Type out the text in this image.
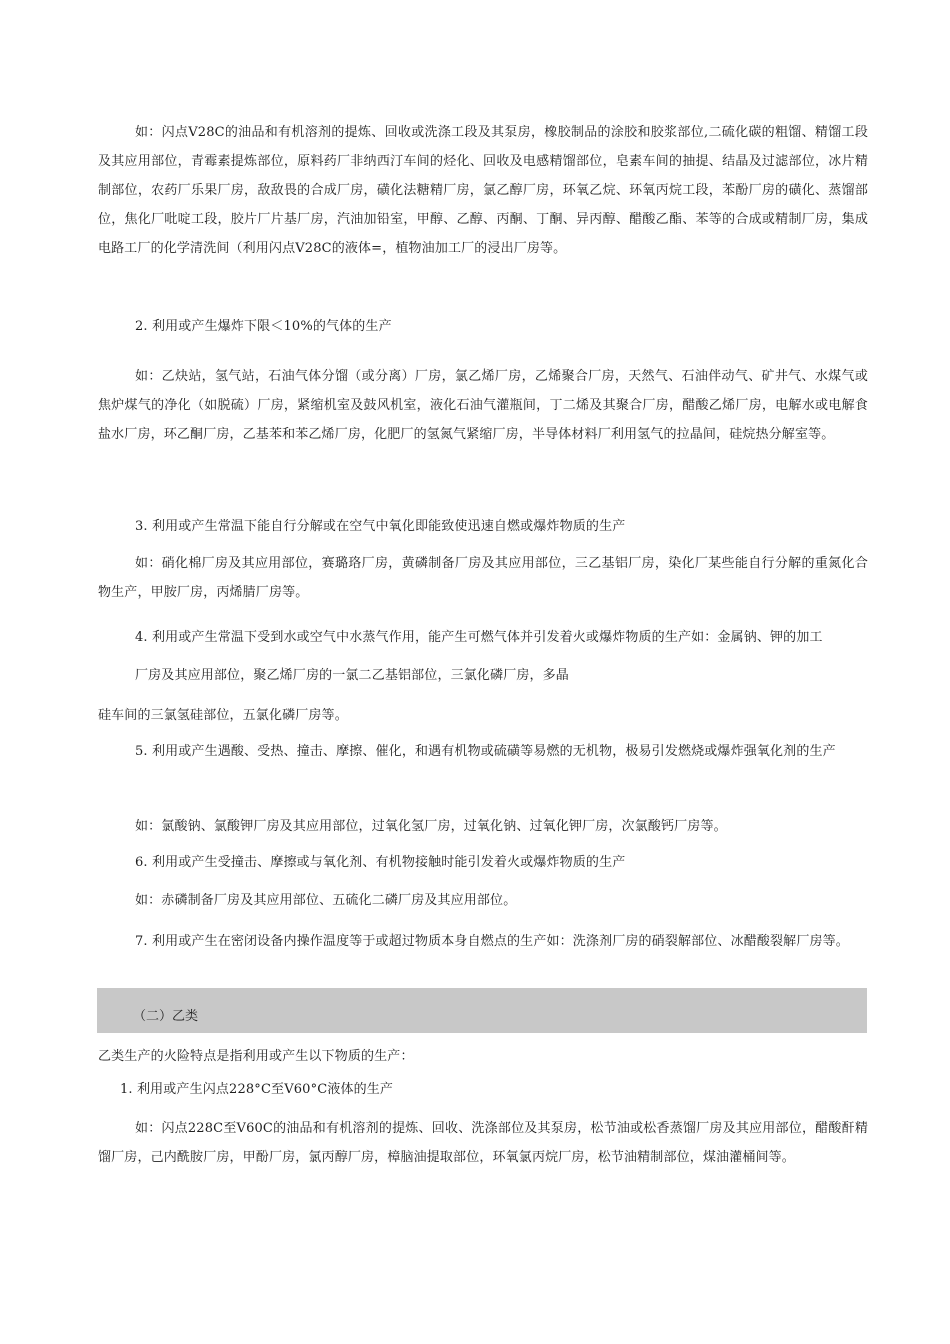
如：闪点V28C的油品和有机溶剂的提炼、回收或洗涤工段及其泵房，橡胶制品的涂胶和胶浆部位,二硫化碳的粗馏、精馏工段及其应用部位，青霉素提炼部位，原料药厂非纳西汀车间的烃化、回收及电感精馏部位，皂素车间的抽提、结晶及过滤部位，冰片精制部位，农药厂乐果厂房，敌敌畏的合成厂房，磺化法糖精厂房，氯乙醇厂房，环氧乙烷、环氧丙烷工段，苯酚厂房的磺化、蒸馏部位，焦化厂吡啶工段，胶片厂片基厂房，汽油加铅室，甲醇、乙醇、丙酮、丁酮、异丙醇、醋酸乙酯、苯等的合成或精制厂房，集成电路工厂的化学清洗间（利用闪点V28C的液体=，植物油加工厂的浸出厂房等。

2. 利用或产生爆炸下限＜10%的气体的生产

如：乙炔站，氢气站，石油气体分馏（或分离）厂房，氯乙烯厂房，乙烯聚合厂房，天然气、石油伴动气、矿井气、水煤气或焦炉煤气的净化（如脱硫）厂房，紧缩机室及鼓风机室，液化石油气灌瓶间，丁二烯及其聚合厂房，醋酸乙烯厂房，电解水或电解食盐水厂房，环乙酮厂房，乙基苯和苯乙烯厂房，化肥厂的氢氮气紧缩厂房，半导体材料厂利用氢气的拉晶间，硅烷热分解室等。

3. 利用或产生常温下能自行分解或在空气中氧化即能致使迅速自燃或爆炸物质的生产

如：硝化棉厂房及其应用部位，赛璐珞厂房，黄磷制备厂房及其应用部位，三乙基铝厂房，染化厂某些能自行分解的重氮化合物生产，甲胺厂房，丙烯腈厂房等。

4. 利用或产生常温下受到水或空气中水蒸气作用，能产生可燃气体并引发着火或爆炸物质的生产如：金属钠、钾的加工

厂房及其应用部位，聚乙烯厂房的一氯二乙基铝部位，三氯化磷厂房，多晶

硅车间的三氯氢硅部位，五氯化磷厂房等。

5. 利用或产生遇酸、受热、撞击、摩擦、催化，和遇有机物或硫磺等易燃的无机物，极易引发燃烧或爆炸强氧化剂的生产

如：氯酸钠、氯酸钾厂房及其应用部位，过氧化氢厂房，过氧化钠、过氧化钾厂房，次氯酸钙厂房等。

6. 利用或产生受撞击、摩擦或与氧化剂、有机物接触时能引发着火或爆炸物质的生产

如：赤磷制备厂房及其应用部位、五硫化二磷厂房及其应用部位。

7. 利用或产生在密闭设备内操作温度等于或超过物质本身自燃点的生产如：洗涤剂厂房的硝裂解部位、冰醋酸裂解厂房等。

（二）乙类

乙类生产的火险特点是指利用或产生以下物质的生产：

1. 利用或产生闪点228°C至V60°C液体的生产

如：闪点228C至V60C的油品和有机溶剂的提炼、回收、洗涤部位及其泵房，松节油或松香蒸馏厂房及其应用部位，醋酸酐精馏厂房，己内酰胺厂房，甲酚厂房，氯丙醇厂房，樟脑油提取部位，环氧氯丙烷厂房，松节油精制部位，煤油灌桶间等。
